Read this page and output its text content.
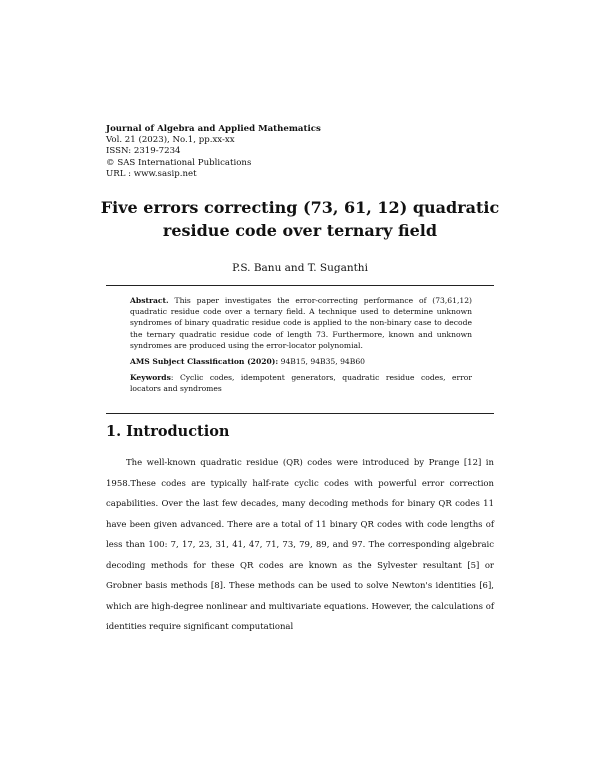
Journal of Algebra and Applied Mathematics
Vol. 21 (2023), No.1, pp.xx-xx
ISSN: 2319-7234
© SAS International Publications
URL : www.sasip.net
Five errors correcting (73, 61, 12) quadratic residue code over ternary field
P.S. Banu and T. Suganthi

Abstract. This paper investigates the error-correcting performance of (73,61,12) quadratic residue code over a ternary field. A technique used to determine unknown syndromes of binary quadratic residue code is applied to the non-binary case to decode the ternary quadratic residue code of length 73. Furthermore, known and unknown syndromes are produced using the error-locator polynomial.

AMS Subject Classification (2020): 94B15, 94B35, 94B60

Keywords: Cyclic codes, idempotent generators, quadratic residue codes, error locators and syndromes

1. Introduction

The well-known quadratic residue (QR) codes were introduced by Prange [12] in 1958.These codes are typically half-rate cyclic codes with powerful error correction capabilities. Over the last few decades, many decoding methods for binary QR codes 11 have been given advanced. There are a total of 11 binary QR codes with code lengths of less than 100: 7, 17, 23, 31, 41, 47, 71, 73, 79, 89, and 97. The corresponding algebraic decoding methods for these QR codes are known as the Sylvester resultant [5] or Grobner basis methods [8]. These methods can be used to solve Newton's identities [6], which are high-degree nonlinear and multivariate equations. However, the calculations of identities require significant computational
